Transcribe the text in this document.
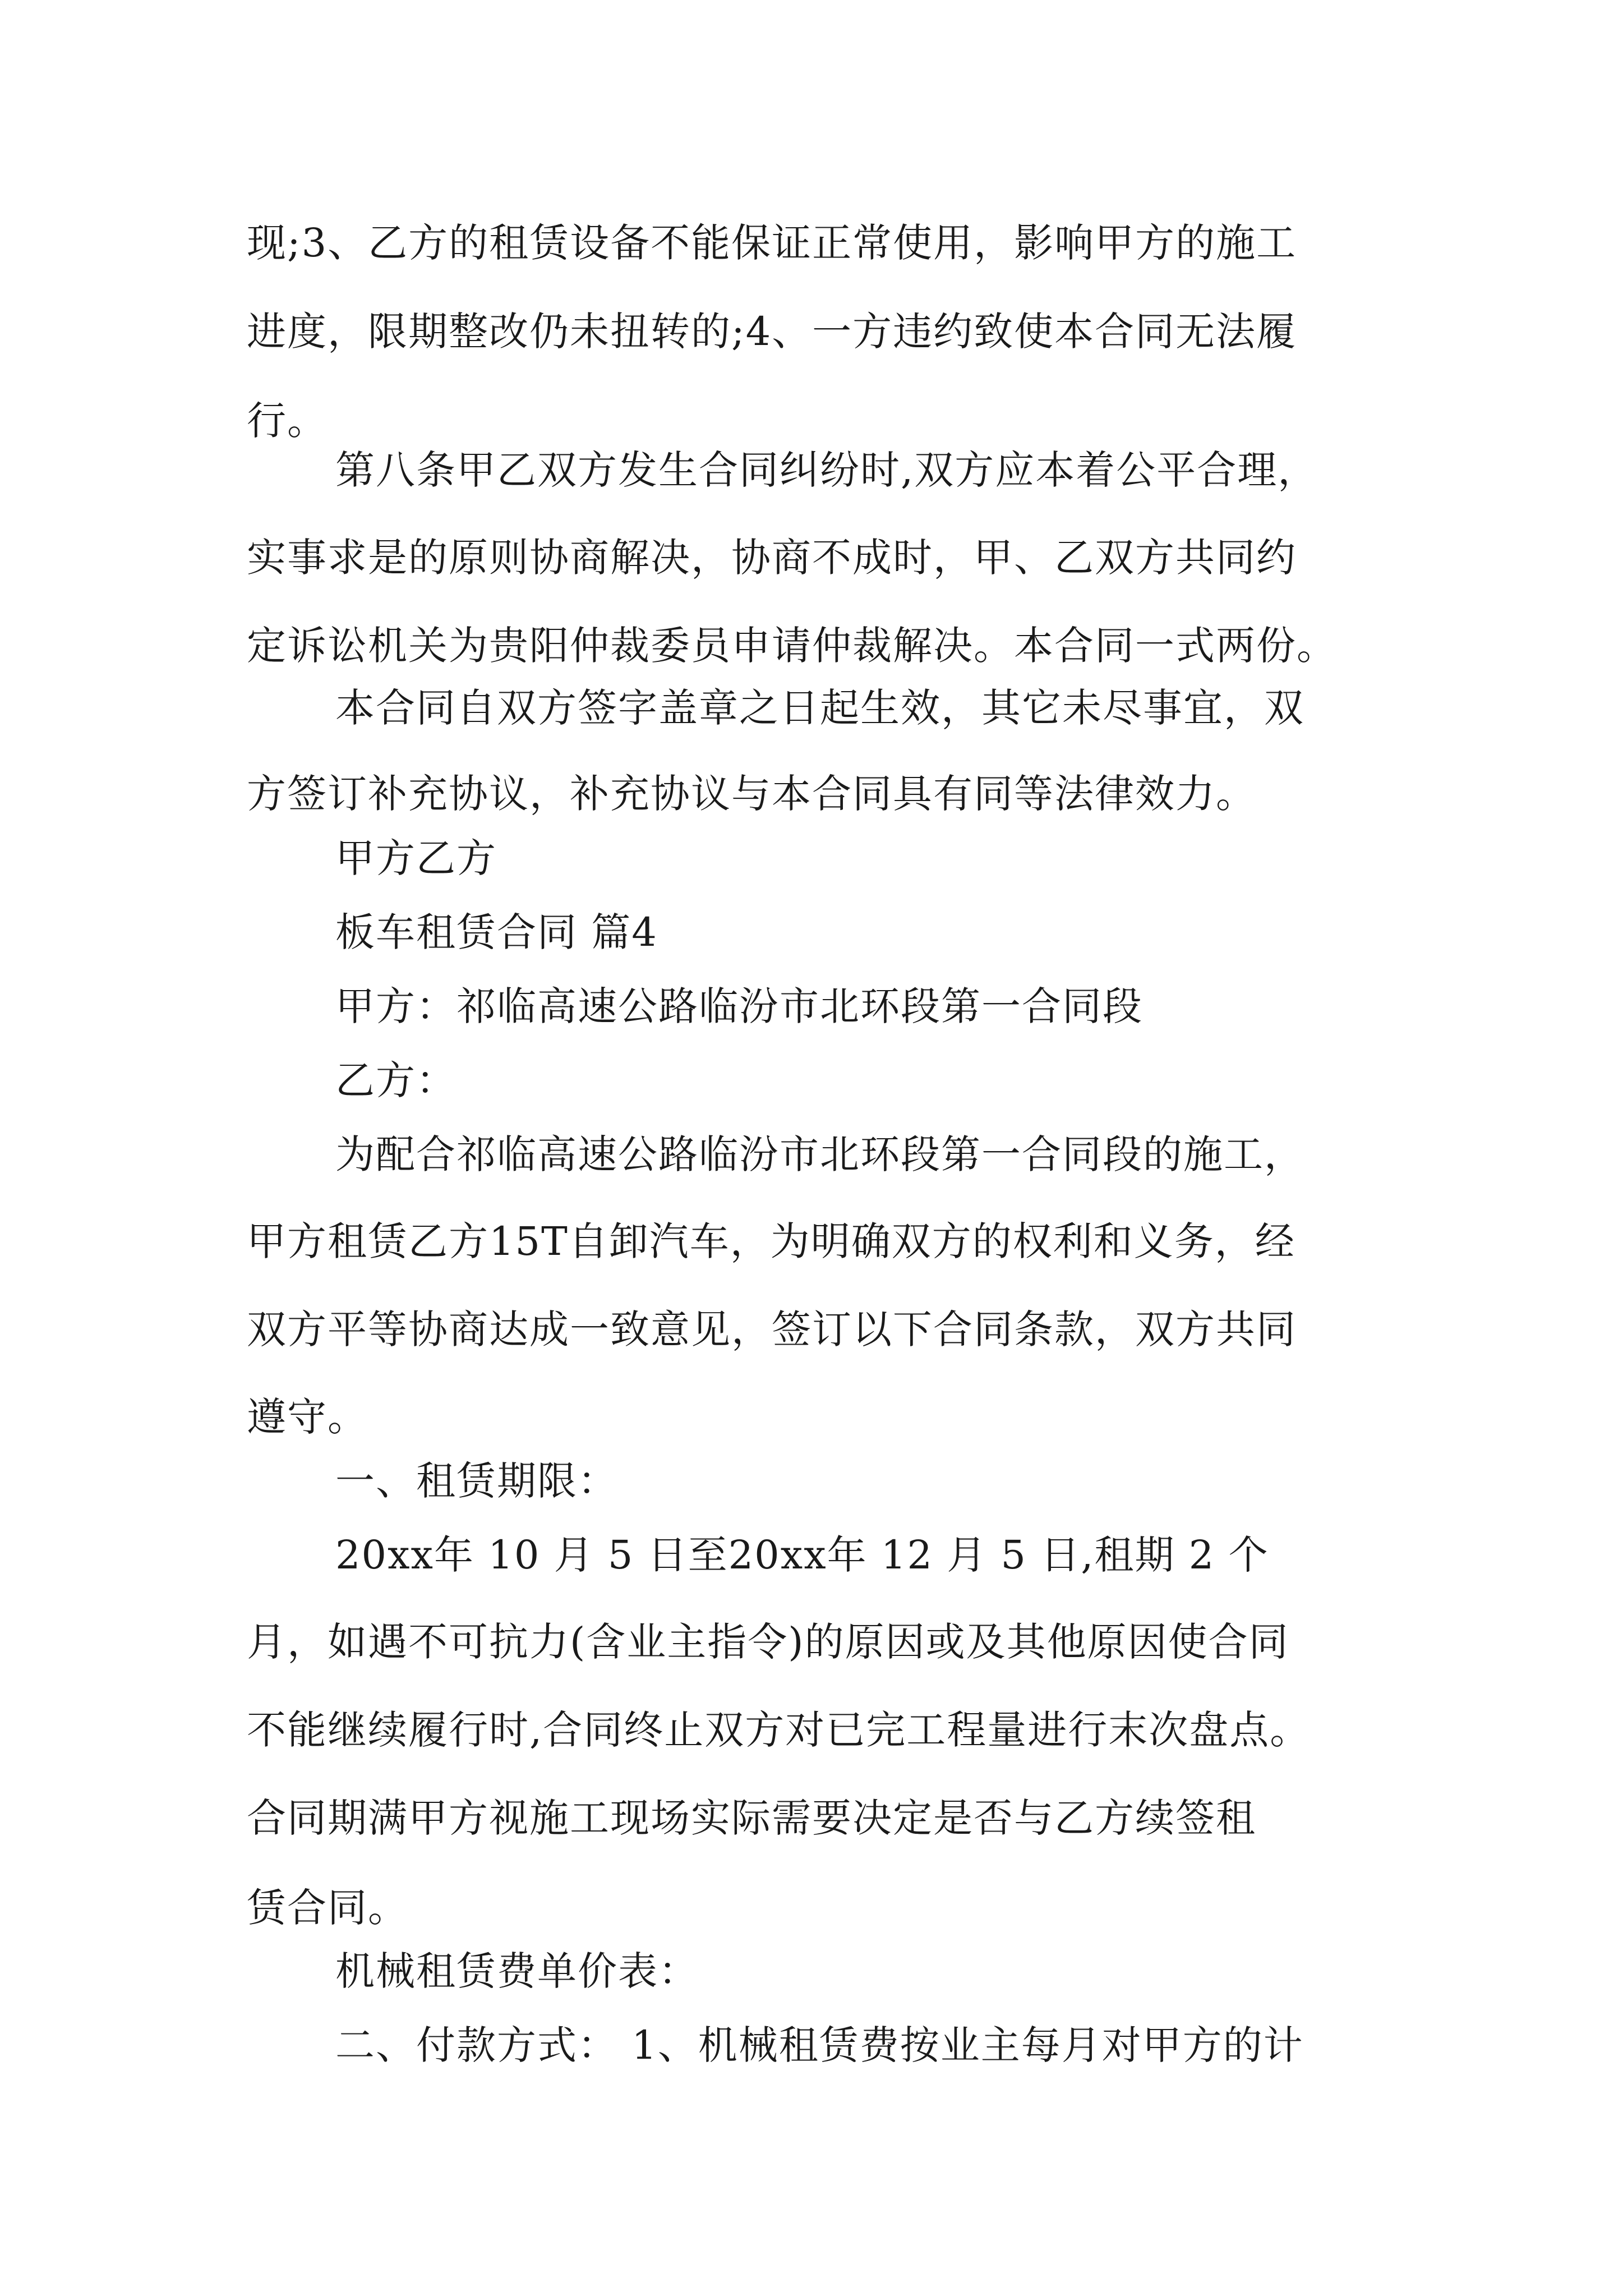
现;3、乙方的租赁设备不能保证正常使用，影响甲方的施工
进度，限期整改仍未扭转的;4、一方违约致使本合同无法履
行。
第八条甲乙双方发生合同纠纷时,双方应本着公平合理，
实事求是的原则协商解决，协商不成时，甲、乙双方共同约
定诉讼机关为贵阳仲裁委员申请仲裁解决。本合同一式两份。
本合同自双方签字盖章之日起生效，其它未尽事宜，双
方签订补充协议，补充协议与本合同具有同等法律效力。
甲方乙方
板车租赁合同 篇4
甲方：祁临高速公路临汾市北环段第一合同段
乙方：
为配合祁临高速公路临汾市北环段第一合同段的施工，
甲方租赁乙方15T自卸汽车，为明确双方的权利和义务，经
双方平等协商达成一致意见，签订以下合同条款，双方共同
遵守。
一、租赁期限：
20xx年 10 月 5 日至20xx年 12 月 5 日,租期 2 个
月，如遇不可抗力(含业主指令)的原因或及其他原因使合同
不能继续履行时,合同终止双方对已完工程量进行末次盘点。
合同期满甲方视施工现场实际需要决定是否与乙方续签租
赁合同。
机械租赁费单价表：
二、付款方式： 1、机械租赁费按业主每月对甲方的计
